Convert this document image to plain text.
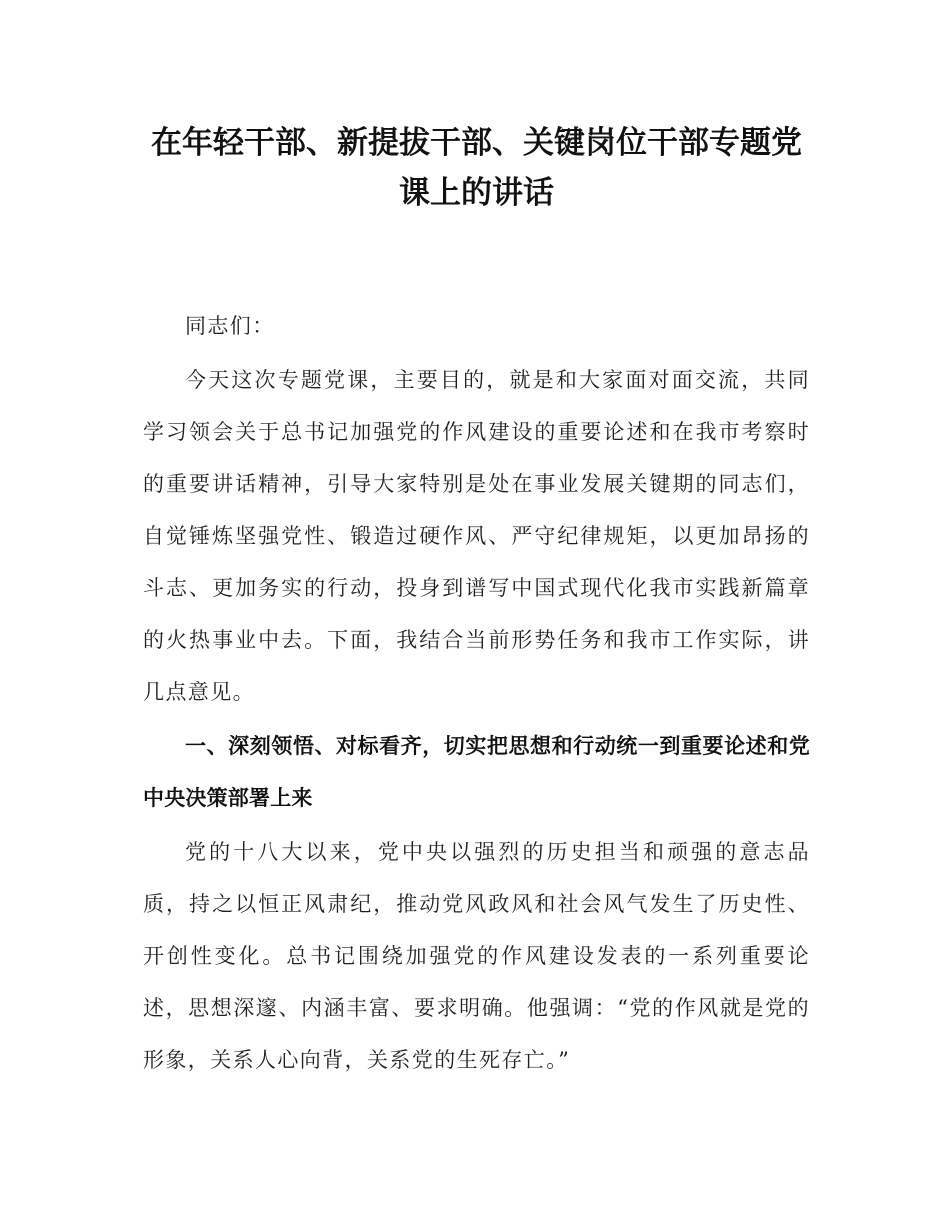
在年轻干部、新提拔干部、关键岗位干部专题党课上的讲话

同志们：

今天这次专题党课，主要目的，就是和大家面对面交流，共同学习领会关于总书记加强党的作风建设的重要论述和在我市考察时的重要讲话精神，引导大家特别是处在事业发展关键期的同志们，自觉锤炼坚强党性、锻造过硬作风、严守纪律规矩，以更加昂扬的斗志、更加务实的行动，投身到谱写中国式现代化我市实践新篇章的火热事业中去。下面，我结合当前形势任务和我市工作实际，讲几点意见。

一、深刻领悟、对标看齐，切实把思想和行动统一到重要论述和党中央决策部署上来

党的十八大以来，党中央以强烈的历史担当和顽强的意志品质，持之以恒正风肃纪，推动党风政风和社会风气发生了历史性、开创性变化。总书记围绕加强党的作风建设发表的一系列重要论述，思想深邃、内涵丰富、要求明确。他强调：“党的作风就是党的形象，关系人心向背，关系党的生死存亡。”
